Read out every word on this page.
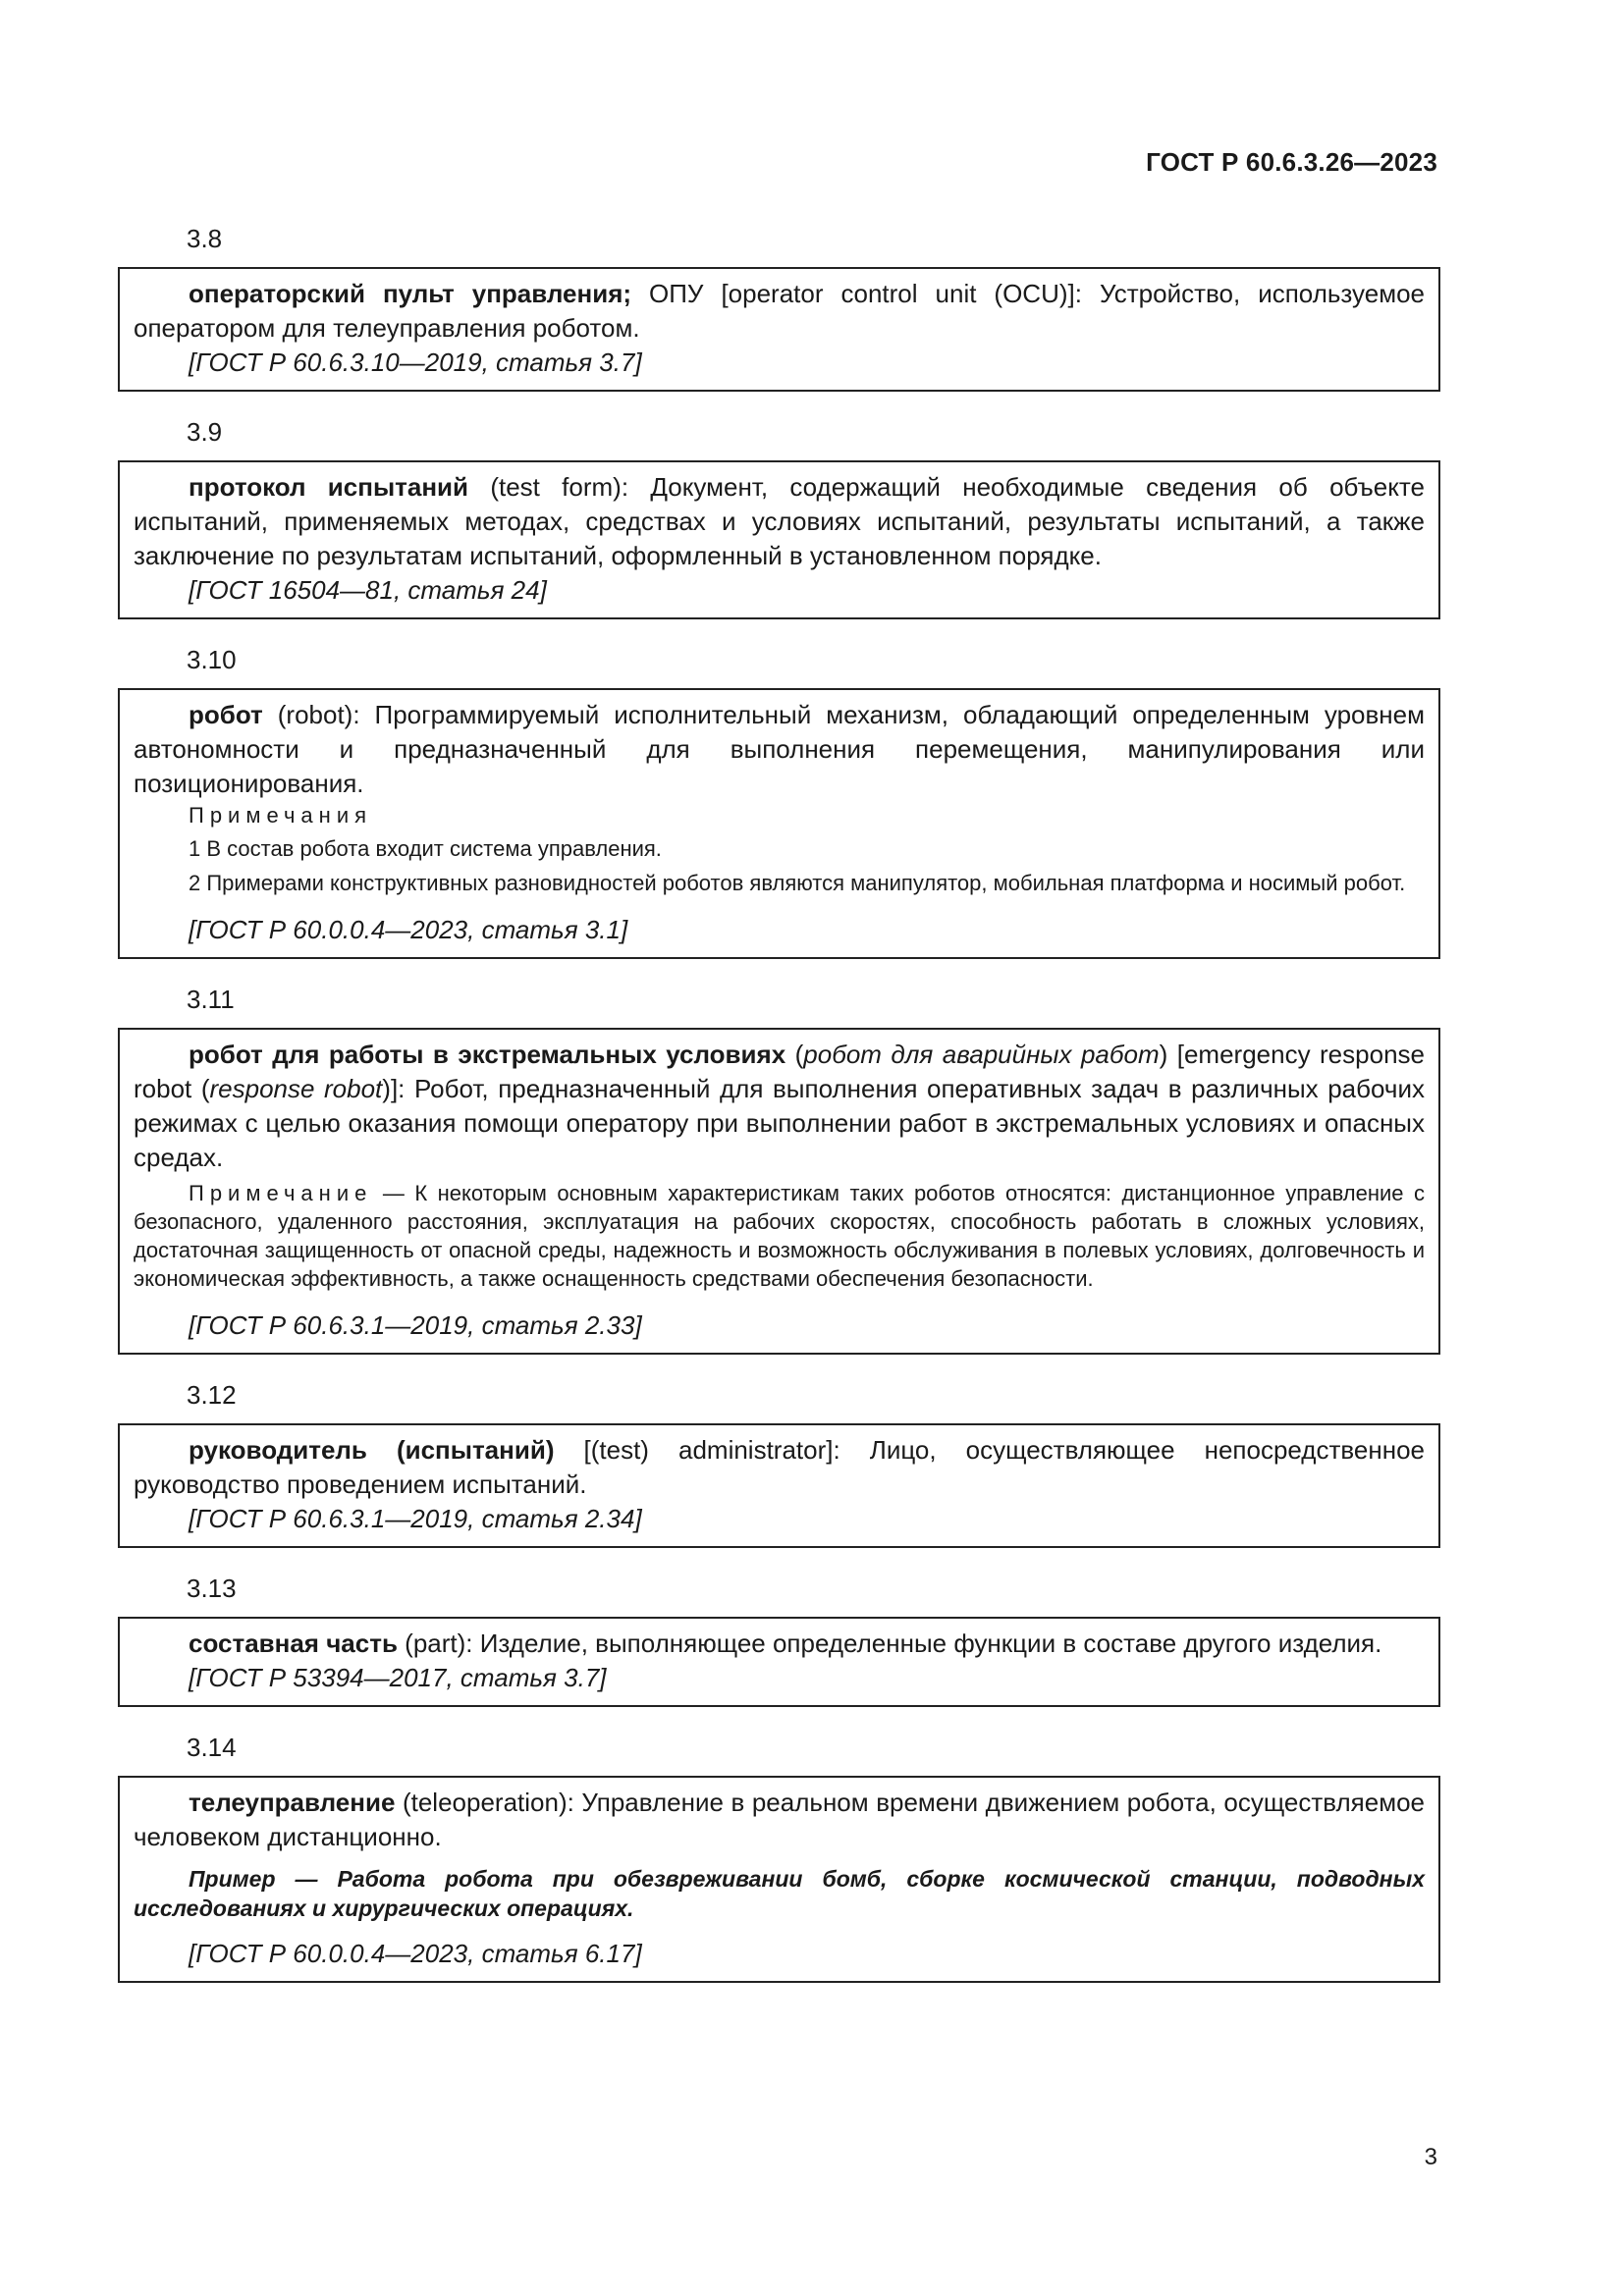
ГОСТ Р 60.6.3.26—2023
3.8

операторский пульт управления; ОПУ [operator control unit (OCU)]: Устройство, используемое оператором для телеуправления роботом.

[ГОСТ Р 60.6.3.10—2019, статья 3.7]

3.9

протокол испытаний (test form): Документ, содержащий необходимые сведения об объекте испытаний, применяемых методах, средствах и условиях испытаний, результаты испытаний, а также заключение по результатам испытаний, оформленный в установленном порядке.

[ГОСТ 16504—81, статья 24]

3.10

робот (robot): Программируемый исполнительный механизм, обладающий определенным уровнем автономности и предназначенный для выполнения перемещения, манипулирования или позиционирования.

Примечания

1 В состав робота входит система управления.

2 Примерами конструктивных разновидностей роботов являются манипулятор, мобильная платформа и носимый робот.

[ГОСТ Р 60.0.0.4—2023, статья 3.1]

3.11

робот для работы в экстремальных условиях (робот для аварийных работ) [emergency response robot (response robot)]: Робот, предназначенный для выполнения оперативных задач в различных рабочих режимах с целью оказания помощи оператору при выполнении работ в экстремальных условиях и опасных средах.

Примечание — К некоторым основным характеристикам таких роботов относятся: дистанционное управление с безопасного, удаленного расстояния, эксплуатация на рабочих скоростях, способность работать в сложных условиях, достаточная защищенность от опасной среды, надежность и возможность обслуживания в полевых условиях, долговечность и экономическая эффективность, а также оснащенность средствами обеспечения безопасности.

[ГОСТ Р 60.6.3.1—2019, статья 2.33]

3.12

руководитель (испытаний) [(test) administrator]: Лицо, осуществляющее непосредственное руководство проведением испытаний.

[ГОСТ Р 60.6.3.1—2019, статья 2.34]

3.13

составная часть (part): Изделие, выполняющее определенные функции в составе другого изделия.

[ГОСТ Р 53394—2017, статья 3.7]

3.14

телеуправление (teleoperation): Управление в реальном времени движением робота, осуществляемое человеком дистанционно.

Пример — Работа робота при обезвреживании бомб, сборке космической станции, подводных исследованиях и хирургических операциях.

[ГОСТ Р 60.0.0.4—2023, статья 6.17]

3
